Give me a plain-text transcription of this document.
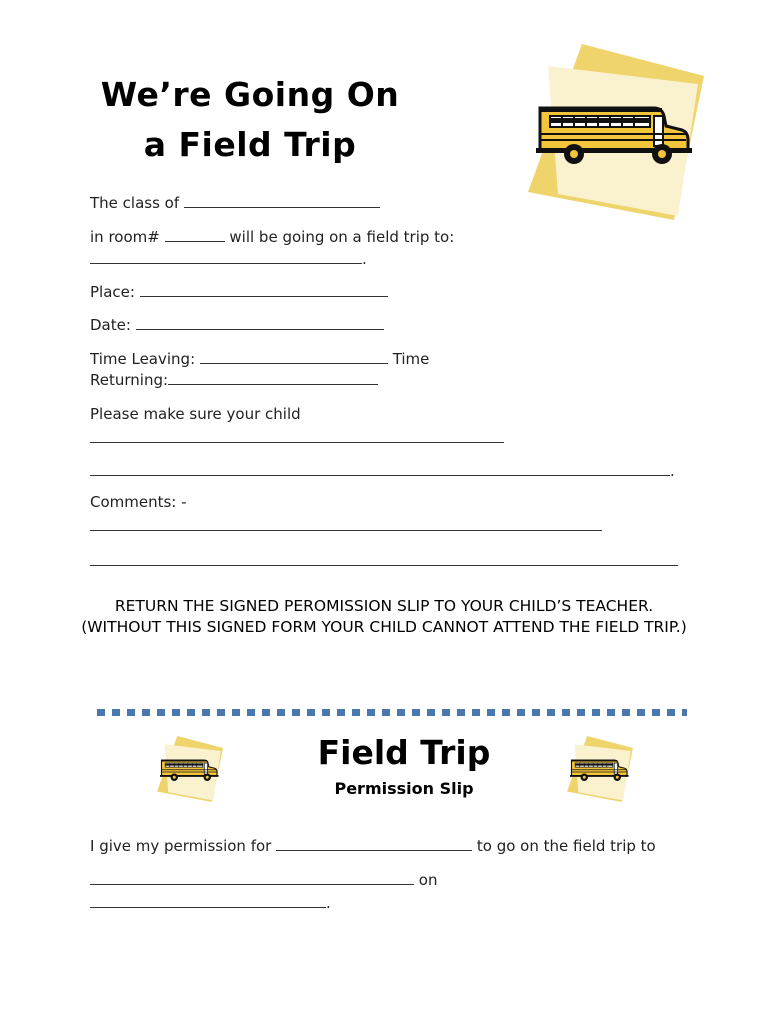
We’re Going On
a Field Trip
The class of
in room#	will be going on a field trip to:
.
Place:
Date:
Time Leaving:	Time
Returning:
Please make sure your child
.
Comments: -
RETURN THE SIGNED PEROMISSION SLIP TO YOUR CHILD’S TEACHER.
(WITHOUT THIS SIGNED FORM YOUR CHILD CANNOT ATTEND THE FIELD TRIP.)
Field Trip
Permission Slip
I give my permission for	to go on the field trip to
on
.
